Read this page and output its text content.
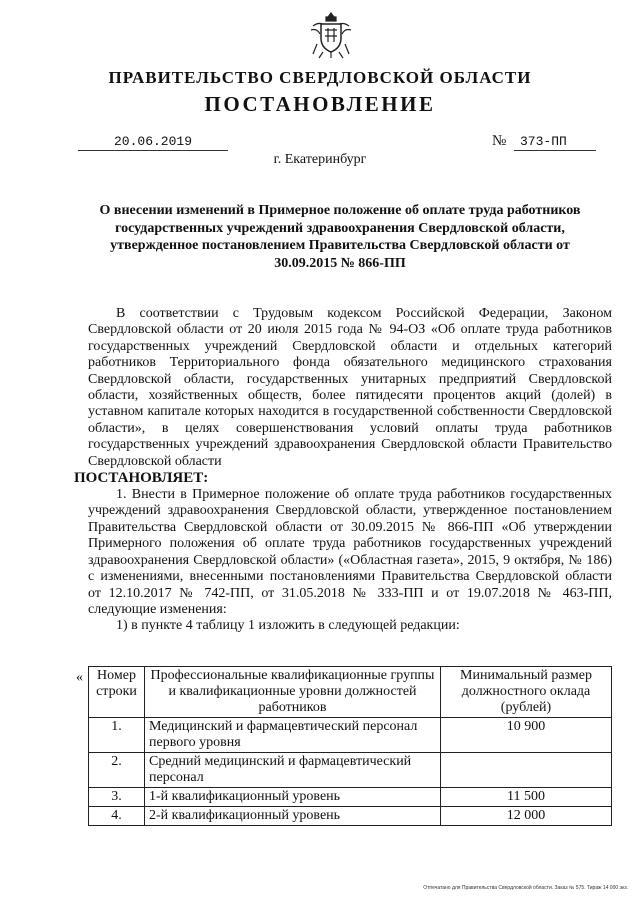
ПРАВИТЕЛЬСТВО СВЕРДЛОВСКОЙ ОБЛАСТИ
ПОСТАНОВЛЕНИЕ
20.06.2019	№	373-ПП
г. Екатеринбург
О внесении изменений в Примерное положение об оплате труда работников государственных учреждений здравоохранения Свердловской области, утвержденное постановлением Правительства Свердловской области от 30.09.2015 № 866-ПП

В соответствии с Трудовым кодексом Российской Федерации, Законом Свердловской области от 20 июля 2015 года № 94-ОЗ «Об оплате труда работников государственных учреждений Свердловской области и отдельных категорий работников Территориального фонда обязательного медицинского страхования Свердловской области, государственных унитарных предприятий Свердловской области, хозяйственных обществ, более пятидесяти процентов акций (долей) в уставном капитале которых находится в государственной собственности Свердловской области», в целях совершенствования условий оплаты труда работников государственных учреждений здравоохранения Свердловской области Правительство Свердловской области

ПОСТАНОВЛЯЕТ:

1. Внести в Примерное положение об оплате труда работников государственных учреждений здравоохранения Свердловской области, утвержденное постановлением Правительства Свердловской области от 30.09.2015 № 866-ПП «Об утверждении Примерного положения об оплате труда работников государственных учреждений здравоохранения Свердловской области» («Областная газета», 2015, 9 октября, № 186) с изменениями, внесенными постановлениями Правительства Свердловской области от 12.10.2017 № 742-ПП, от 31.05.2018 № 333-ПП и от 19.07.2018 № 463-ПП, следующие изменения:

1) в пункте 4 таблицу 1 изложить в следующей редакции:

« Номер строки	Профессиональные квалификационные группы и квалификационные уровни должностей работников	Минимальный размер должностного оклада (рублей)
1.	Медицинский и фармацевтический персонал первого уровня	10 900
2.	Средний медицинский и фармацевтический персонал	
3.	1-й квалификационный уровень	11 500
4.	2-й квалификационный уровень	12 000
Отпечатано для Правительства Свердловской области. Заказ № 575. Тираж 14 000 экз.
